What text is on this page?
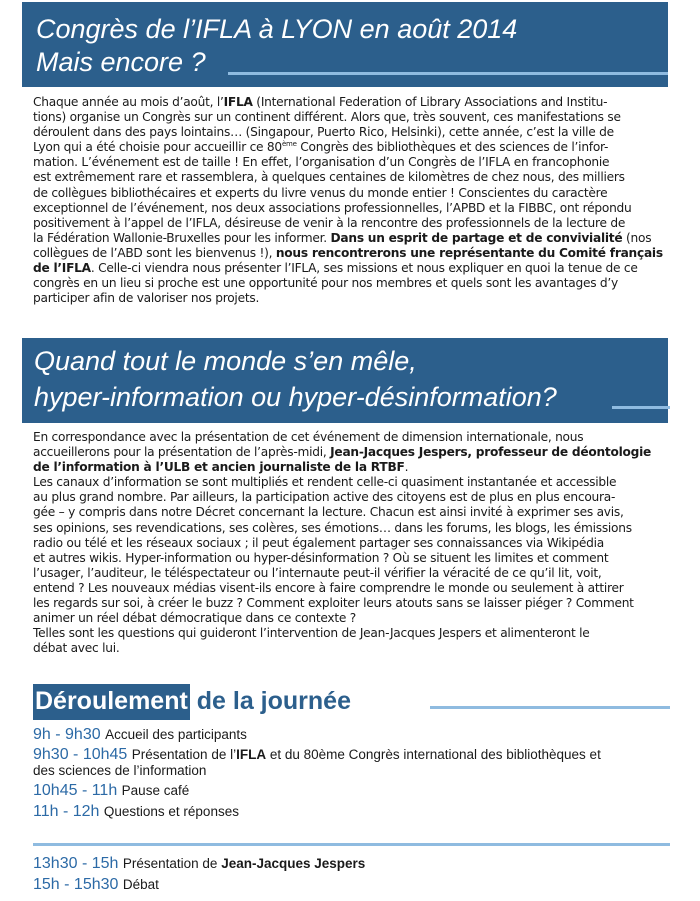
Congrès de l’IFLA à LYON en août 2014
Mais encore ?
Chaque année au mois d’août, l’IFLA (International Federation of Library Associations and Institu-
tions) organise un Congrès sur un continent différent. Alors que, très souvent, ces manifestations se
déroulent dans des pays lointains… (Singapour, Puerto Rico, Helsinki), cette année, c’est la ville de
Lyon qui a été choisie pour accueillir ce 80ème Congrès des bibliothèques et des sciences de l’infor-
mation. L’événement est de taille ! En effet, l’organisation d’un Congrès de l’IFLA en francophonie
est extrêmement rare et rassemblera, à quelques centaines de kilomètres de chez nous, des milliers
de collègues bibliothécaires et experts du livre venus du monde entier ! Conscientes du caractère
exceptionnel de l’événement, nos deux associations professionnelles, l’APBD et la FIBBC, ont répondu
positivement à l’appel de l’IFLA, désireuse de venir à la rencontre des professionnels de la lecture de
la Fédération Wallonie-Bruxelles pour les informer. Dans un esprit de partage et de convivialité (nos
collègues de l’ABD sont les bienvenus !), nous rencontrerons une représentante du Comité français
de l’IFLA. Celle-ci viendra nous présenter l’IFLA, ses missions et nous expliquer en quoi la tenue de ce
congrès en un lieu si proche est une opportunité pour nos membres et quels sont les avantages d’y
participer afin de valoriser nos projets.
Quand tout le monde s’en mêle,
hyper-information ou hyper-désinformation?
En correspondance avec la présentation de cet événement de dimension internationale, nous
accueillerons pour la présentation de l’après-midi, Jean-Jacques Jespers, professeur de déontologie
de l’information à l’ULB et ancien journaliste de la RTBF.
Les canaux d’information se sont multipliés et rendent celle-ci quasiment instantanée et accessible
au plus grand nombre. Par ailleurs, la participation active des citoyens est de plus en plus encoura-
gée – y compris dans notre Décret concernant la lecture. Chacun est ainsi invité à exprimer ses avis,
ses opinions, ses revendications, ses colères, ses émotions… dans les forums, les blogs, les émissions
radio ou télé et les réseaux sociaux ; il peut également partager ses connaissances via Wikipédia
et autres wikis. Hyper-information ou hyper-désinformation ? Où se situent les limites et comment
l’usager, l’auditeur, le téléspectateur ou l’internaute peut-il vérifier la véracité de ce qu’il lit, voit,
entend ? Les nouveaux médias visent-ils encore à faire comprendre le monde ou seulement à attirer
les regards sur soi, à créer le buzz ? Comment exploiter leurs atouts sans se laisser piéger ? Comment
animer un réel débat démocratique dans ce contexte ?
Telles sont les questions qui guideront l’intervention de Jean-Jacques Jespers et alimenteront le
débat avec lui.
Déroulement de la journée
9h - 9h30 Accueil des participants
9h30 - 10h45 Présentation de l’IFLA et du 80ème Congrès international des bibliothèques et
des sciences de l’information
10h45 - 11h Pause café
11h - 12h Questions et réponses
13h30 - 15h Présentation de Jean-Jacques Jespers
15h - 15h30 Débat
